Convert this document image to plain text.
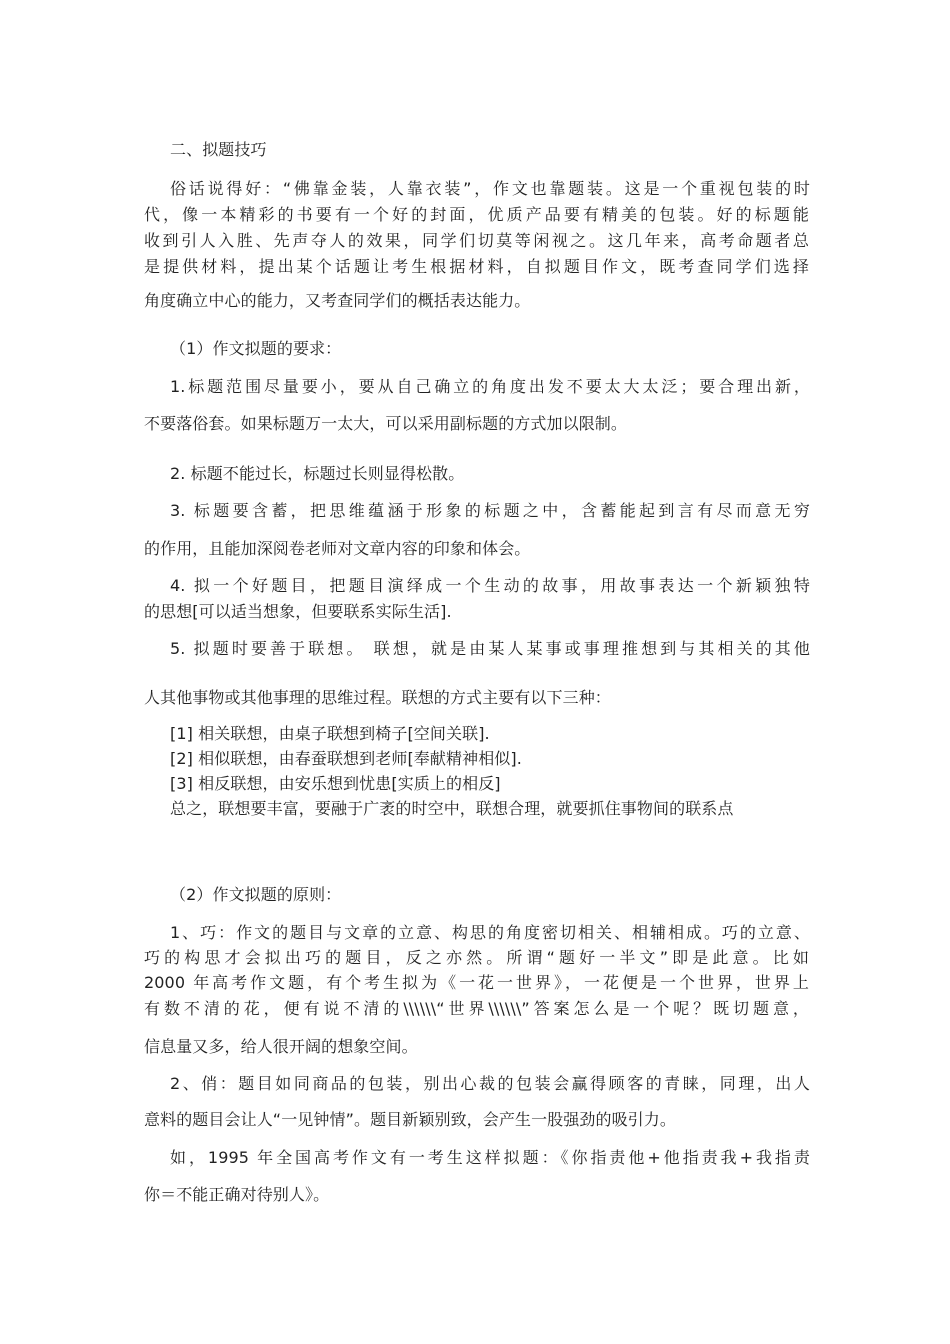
二、拟题技巧
俗话说得好：“佛靠金装，人靠衣装”，作文也靠题装。这是一个重视包装的时
代，像一本精彩的书要有一个好的封面，优质产品要有精美的包装。好的标题能
收到引人入胜、先声夺人的效果，同学们切莫等闲视之。这几年来，高考命题者总
是提供材料，提出某个话题让考生根据材料，自拟题目作文，既考查同学们选择
角度确立中心的能力，又考查同学们的概括表达能力。
（1）作文拟题的要求：
1.标题范围尽量要小，要从自己确立的角度出发不要太大太泛；要合理出新，
不要落俗套。如果标题万一太大，可以采用副标题的方式加以限制。
2. 标题不能过长，标题过长则显得松散。
3. 标题要含蓄，把思维蕴涵于形象的标题之中，含蓄能起到言有尽而意无穷
的作用，且能加深阅卷老师对文章内容的印象和体会。
4. 拟一个好题目，把题目演绎成一个生动的故事，用故事表达一个新颖独特
的思想[可以适当想象，但要联系实际生活].
5. 拟题时要善于联想。 联想，就是由某人某事或事理推想到与其相关的其他
人其他事物或其他事理的思维过程。联想的方式主要有以下三种：
[1] 相关联想，由桌子联想到椅子[空间关联].
[2] 相似联想，由春蚕联想到老师[奉献精神相似].
[3] 相反联想，由安乐想到忧患[实质上的相反]
总之，联想要丰富，要融于广袤的时空中，联想合理，就要抓住事物间的联系点
（2）作文拟题的原则：
1、巧：作文的题目与文章的立意、构思的角度密切相关、相辅相成。巧的立意、
巧的构思才会拟出巧的题目，反之亦然。所谓“题好一半文”即是此意。比如
2000 年高考作文题，有个考生拟为《一花一世界》，一花便是一个世界，世界上
有数不清的花，便有说不清的\\\\\\“世界\\\\\\”答案怎么是一个呢？既切题意，
信息量又多，给人很开阔的想象空间。
2、俏：题目如同商品的包装，别出心裁的包装会赢得顾客的青睐，同理，出人
意料的题目会让人“一见钟情”。题目新颖别致，会产生一股强劲的吸引力。
如，1995 年全国高考作文有一考生这样拟题：《你指责他+他指责我+我指责
你＝不能正确对待别人》。
